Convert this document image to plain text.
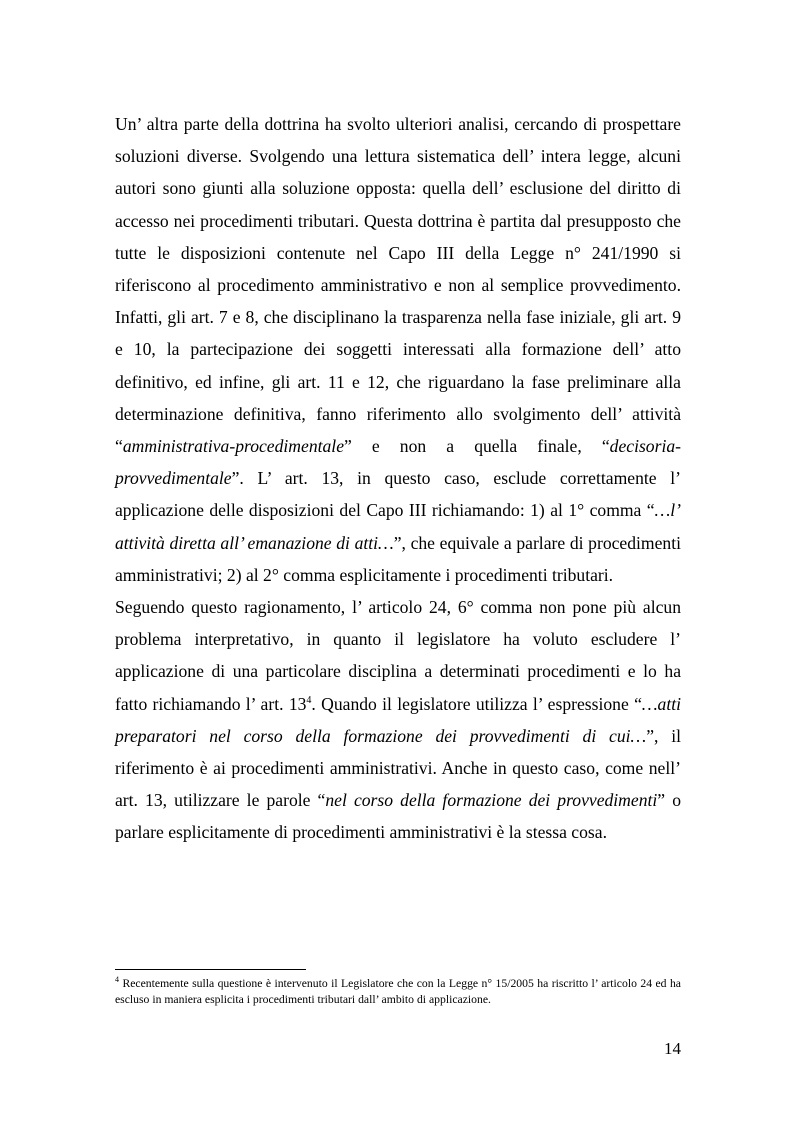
Un’ altra parte della dottrina ha svolto ulteriori analisi, cercando di prospettare soluzioni diverse. Svolgendo una lettura sistematica dell’ intera legge, alcuni autori sono giunti alla soluzione opposta: quella dell’ esclusione del diritto di accesso nei procedimenti tributari. Questa dottrina è partita dal presupposto che tutte le disposizioni contenute nel Capo III della Legge n° 241/1990 si riferiscono al procedimento amministrativo e non al semplice provvedimento. Infatti, gli art. 7 e 8, che disciplinano la trasparenza nella fase iniziale, gli art. 9 e 10, la partecipazione dei soggetti interessati alla formazione dell’ atto definitivo, ed infine, gli art. 11 e 12, che riguardano la fase preliminare alla determinazione definitiva, fanno riferimento allo svolgimento dell’ attività “amministrativa-procedimentale” e non a quella finale, “decisoria-provvedimentale”. L’ art. 13, in questo caso, esclude correttamente l’ applicazione delle disposizioni del Capo III richiamando: 1) al 1° comma “…l’ attività diretta all’ emanazione di atti…”, che equivale a parlare di procedimenti amministrativi; 2) al 2° comma esplicitamente i procedimenti tributari.

Seguendo questo ragionamento, l’ articolo 24, 6° comma non pone più alcun problema interpretativo, in quanto il legislatore ha voluto escludere l’ applicazione di una particolare disciplina a determinati procedimenti e lo ha fatto richiamando l’ art. $13^4$. Quando il legislatore utilizza l’ espressione “…atti preparatori nel corso della formazione dei provvedimenti di cui…”, il riferimento è ai procedimenti amministrativi. Anche in questo caso, come nell’ art. 13, utilizzare le parole “nel corso della formazione dei provvedimenti” o parlare esplicitamente di procedimenti amministrativi è la stessa cosa.

$^4$ Recentemente sulla questione è intervenuto il Legislatore che con la Legge n° 15/2005 ha riscritto l’ articolo 24 ed ha escluso in maniera esplicita i procedimenti tributari dall’ ambito di applicazione.
14
